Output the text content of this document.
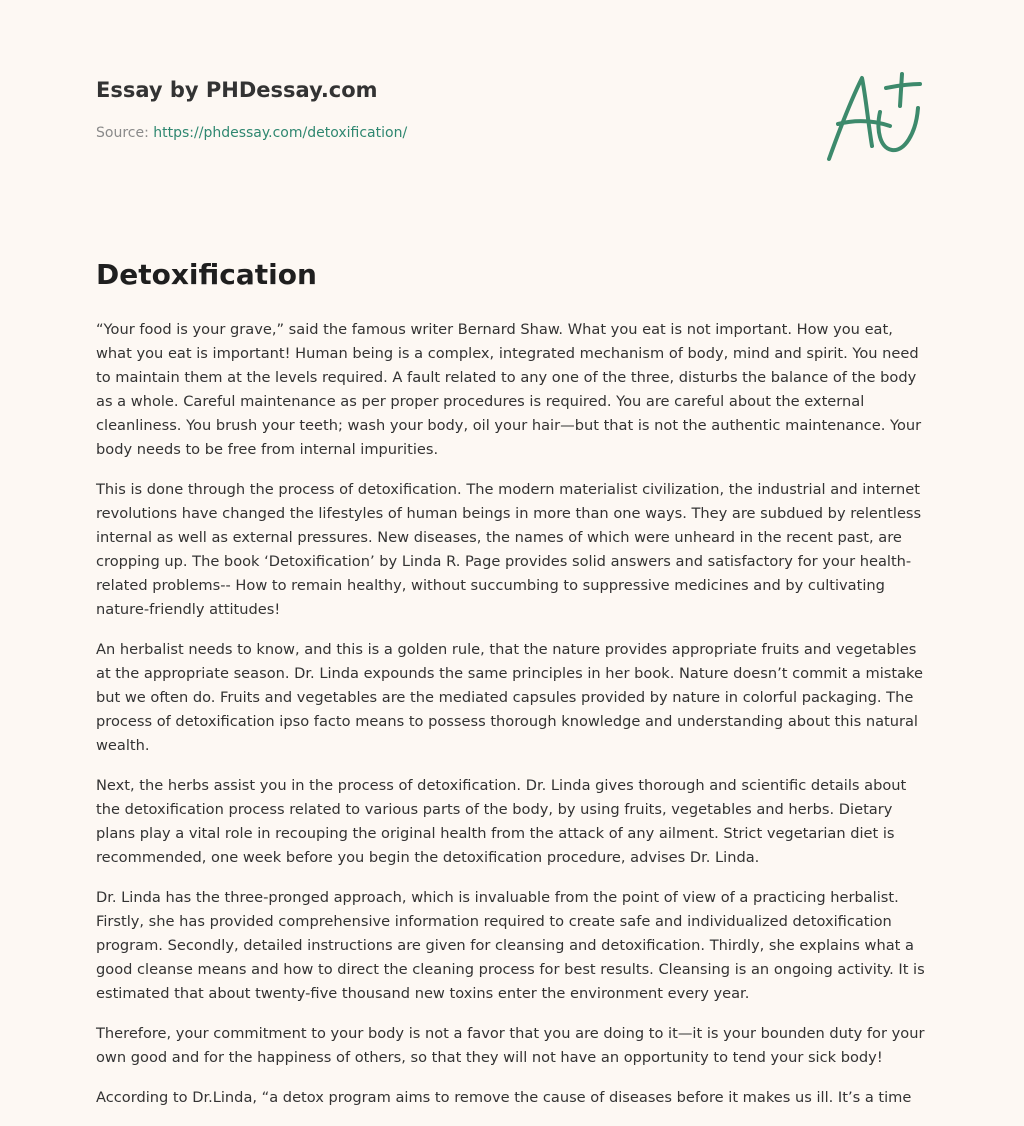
Essay by PHDessay.com
Source: https://phdessay.com/detoxification/
Detoxification

“Your food is your grave,” said the famous writer Bernard Shaw. What you eat is not important. How you eat, what you eat is important! Human being is a complex, integrated mechanism of body, mind and spirit. You need to maintain them at the levels required. A fault related to any one of the three, disturbs the balance of the body as a whole. Careful maintenance as per proper procedures is required. You are careful about the external cleanliness. You brush your teeth; wash your body, oil your hair—but that is not the authentic maintenance. Your body needs to be free from internal impurities.

This is done through the process of detoxification. The modern materialist civilization, the industrial and internet revolutions have changed the lifestyles of human beings in more than one ways. They are subdued by relentless internal as well as external pressures. New diseases, the names of which were unheard in the recent past, are cropping up. The book ‘Detoxification’ by Linda R. Page provides solid answers and satisfactory for your health-related problems-- How to remain healthy, without succumbing to suppressive medicines and by cultivating nature-friendly attitudes!

An herbalist needs to know, and this is a golden rule, that the nature provides appropriate fruits and vegetables at the appropriate season. Dr. Linda expounds the same principles in her book. Nature doesn’t commit a mistake but we often do. Fruits and vegetables are the mediated capsules provided by nature in colorful packaging. The process of detoxification ipso facto means to possess thorough knowledge and understanding about this natural wealth.

Next, the herbs assist you in the process of detoxification. Dr. Linda gives thorough and scientific details about the detoxification process related to various parts of the body, by using fruits, vegetables and herbs. Dietary plans play a vital role in recouping the original health from the attack of any ailment. Strict vegetarian diet is recommended, one week before you begin the detoxification procedure, advises Dr. Linda.

Dr. Linda has the three-pronged approach, which is invaluable from the point of view of a practicing herbalist. Firstly, she has provided comprehensive information required to create safe and individualized detoxification program. Secondly, detailed instructions are given for cleansing and detoxification. Thirdly, she explains what a good cleanse means and how to direct the cleaning process for best results. Cleansing is an ongoing activity. It is estimated that about twenty-five thousand new toxins enter the environment every year.

Therefore, your commitment to your body is not a favor that you are doing to it—it is your bounden duty for your own good and for the happiness of others, so that they will not have an opportunity to tend your sick body!

According to Dr.Linda, “a detox program aims to remove the cause of diseases before it makes us ill. It’s a time
